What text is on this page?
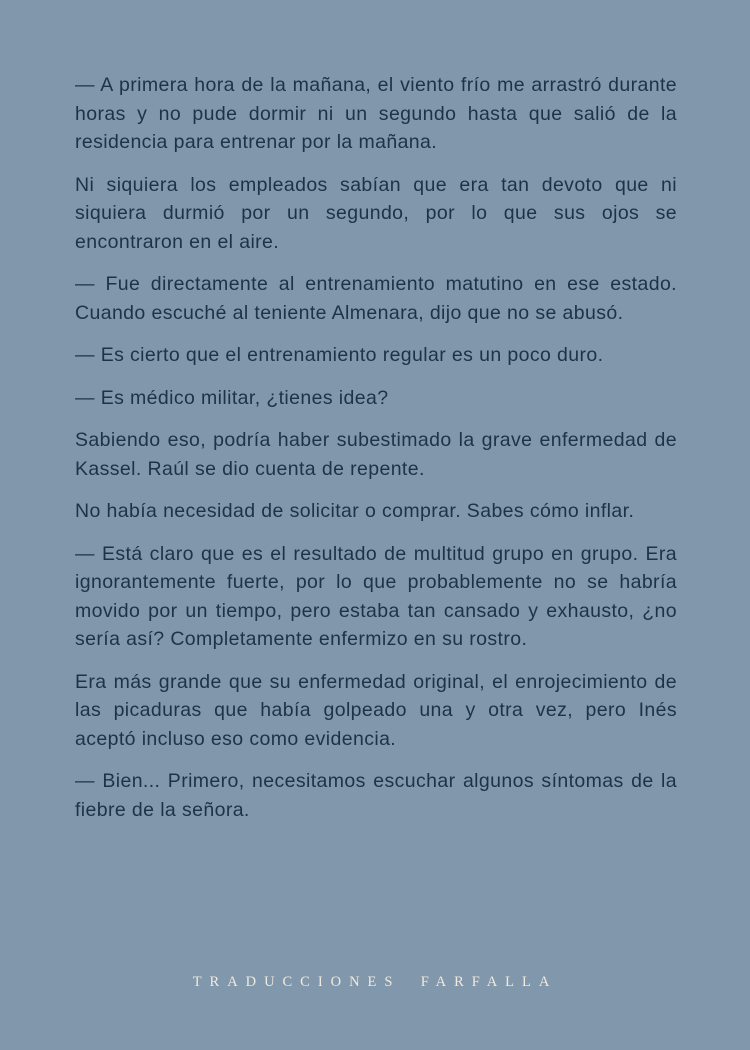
— A primera hora de la mañana, el viento frío me arrastró durante horas y no pude dormir ni un segundo hasta que salió de la residencia para entrenar por la mañana.

Ni siquiera los empleados sabían que era tan devoto que ni siquiera durmió por un segundo, por lo que sus ojos se encontraron en el aire.

— Fue directamente al entrenamiento matutino en ese estado. Cuando escuché al teniente Almenara, dijo que no se abusó.

— Es cierto que el entrenamiento regular es un poco duro.

— Es médico militar, ¿tienes idea?

Sabiendo eso, podría haber subestimado la grave enfermedad de Kassel. Raúl se dio cuenta de repente.

No había necesidad de solicitar o comprar. Sabes cómo inflar.

— Está claro que es el resultado de multitud grupo en grupo. Era ignorantemente fuerte, por lo que probablemente no se habría movido por un tiempo, pero estaba tan cansado y exhausto, ¿no sería así? Completamente enfermizo en su rostro.

Era más grande que su enfermedad original, el enrojecimiento de las picaduras que había golpeado una y otra vez, pero Inés aceptó incluso eso como evidencia.

— Bien... Primero, necesitamos escuchar algunos síntomas de la fiebre de la señora.

TRADUCCIONES FARFALLA
